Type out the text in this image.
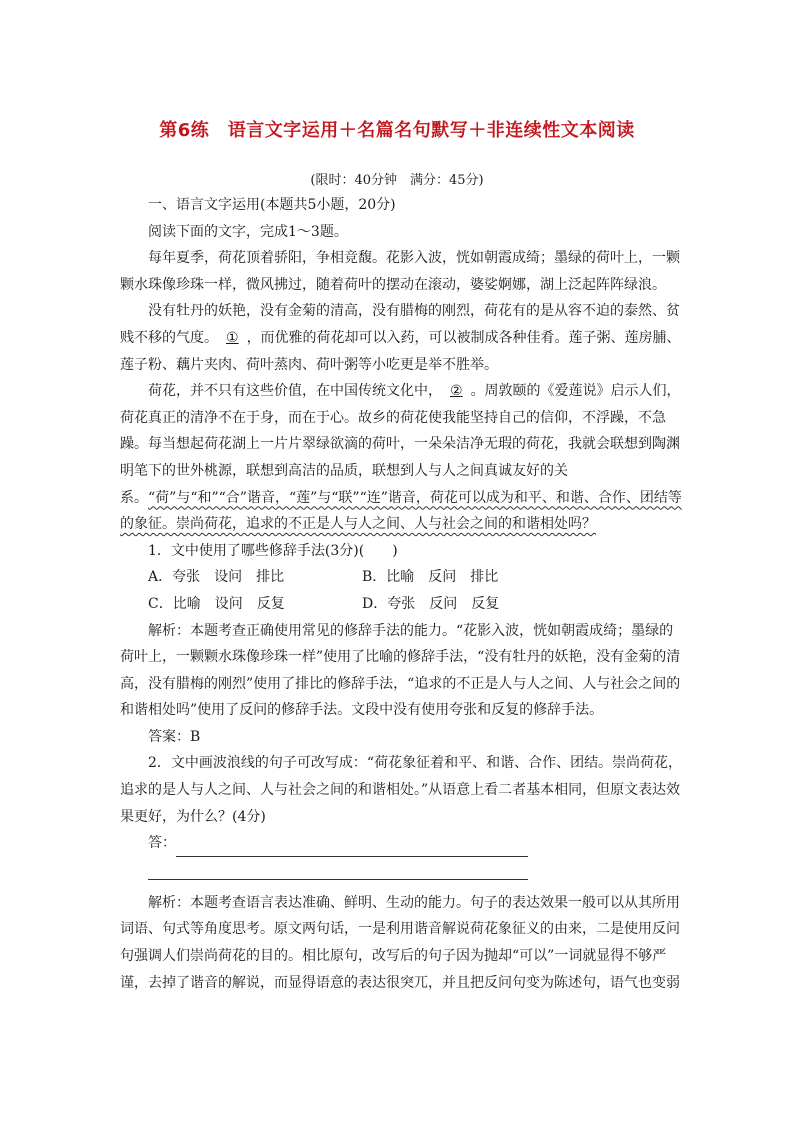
第6练　语言文字运用＋名篇名句默写＋非连续性文本阅读
(限时：40分钟　满分：45分)

一、语言文字运用(本题共5小题，20分)

阅读下面的文字，完成1～3题。

每年夏季，荷花顶着骄阳，争相竞馥。花影入波，恍如朝霞成绮；墨绿的荷叶上，一颗颗水珠像珍珠一样，微风拂过，随着荷叶的摆动在滚动，婆娑婀娜，湖上泛起阵阵绿浪。

没有牡丹的妖艳，没有金菊的清高，没有腊梅的刚烈，荷花有的是从容不迫的泰然、贫贱不移的气度。 ① ，而优雅的荷花却可以入药，可以被制成各种佳肴。莲子粥、莲房脯、莲子粉、藕片夹肉、荷叶蒸肉、荷叶粥等小吃更是举不胜举。

荷花，并不只有这些价值，在中国传统文化中， ② 。周敦颐的《爱莲说》启示人们，荷花真正的清净不在于身，而在于心。故乡的荷花使我能坚持自己的信仰，不浮躁，不急躁。每当想起荷花湖上一片片翠绿欲滴的荷叶，一朵朵洁净无瑕的荷花，我就会联想到陶渊明笔下的世外桃源，联想到高洁的品质，联想到人与人之间真诚友好的关系。“荷”与“和”“合”谐音，“莲”与“联”“连”谐音，荷花可以成为和平、和谐、合作、团结等的象征。崇尚荷花，追求的不正是人与人之间、人与社会之间的和谐相处吗？

1．文中使用了哪些修辞手法(3分)(　　)

A．夸张　设问　排比	B．比喻　反问　排比
C．比喻　设问　反复	D．夸张　反问　反复

解析：本题考查正确使用常见的修辞手法的能力。“花影入波，恍如朝霞成绮；墨绿的荷叶上，一颗颗水珠像珍珠一样”使用了比喻的修辞手法，“没有牡丹的妖艳，没有金菊的清高，没有腊梅的刚烈”使用了排比的修辞手法，“追求的不正是人与人之间、人与社会之间的和谐相处吗”使用了反问的修辞手法。文段中没有使用夸张和反复的修辞手法。

答案：B

2．文中画波浪线的句子可改写成：“荷花象征着和平、和谐、合作、团结。崇尚荷花，追求的是人与人之间、人与社会之间的和谐相处。”从语意上看二者基本相同，但原文表达效果更好，为什么？(4分)

答：

解析：本题考查语言表达准确、鲜明、生动的能力。句子的表达效果一般可以从其所用词语、句式等角度思考。原文两句话，一是利用谐音解说荷花象征义的由来，二是使用反问句强调人们崇尚荷花的目的。相比原句，改写后的句子因为抛却“可以”一词就显得不够严谨，去掉了谐音的解说，而显得语意的表达很突兀，并且把反问句变为陈述句，语气也变弱
